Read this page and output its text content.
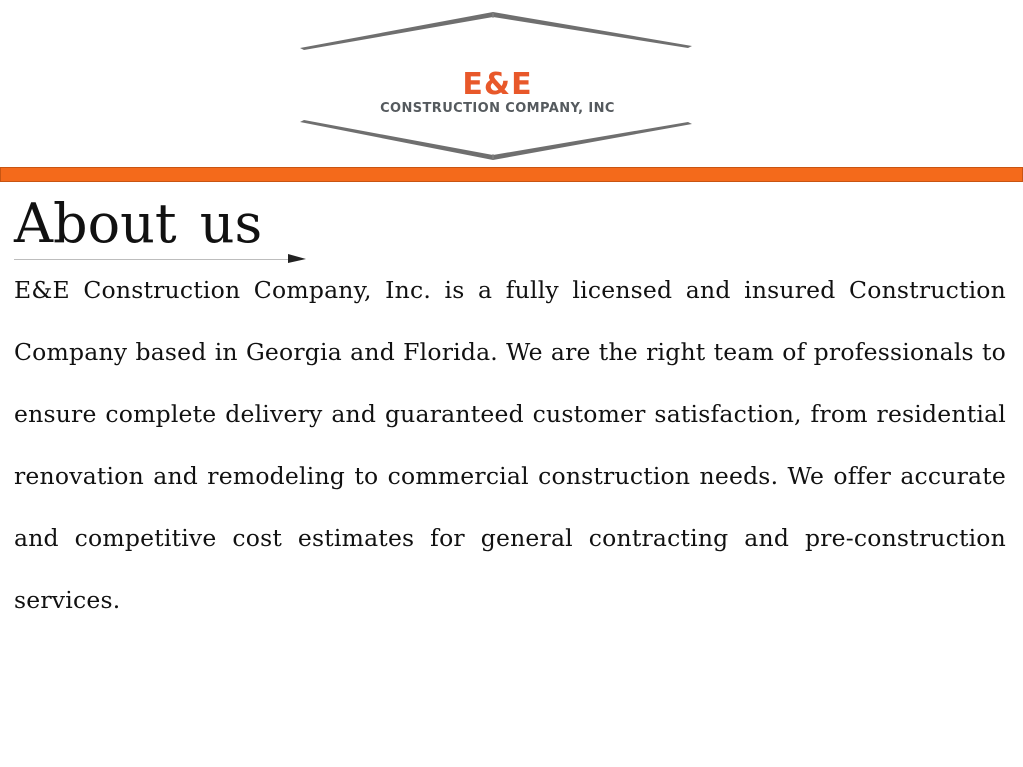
E&E
CONSTRUCTION COMPANY, INC
About us

E&E Construction Company, Inc. is a fully licensed and insured Construction Company based in Georgia and Florida. We are the right team of professionals to ensure complete delivery and guaranteed customer satisfaction, from residential renovation and remodeling to commercial construction needs. We offer accurate and competitive cost estimates for general contracting and pre-construction services.
